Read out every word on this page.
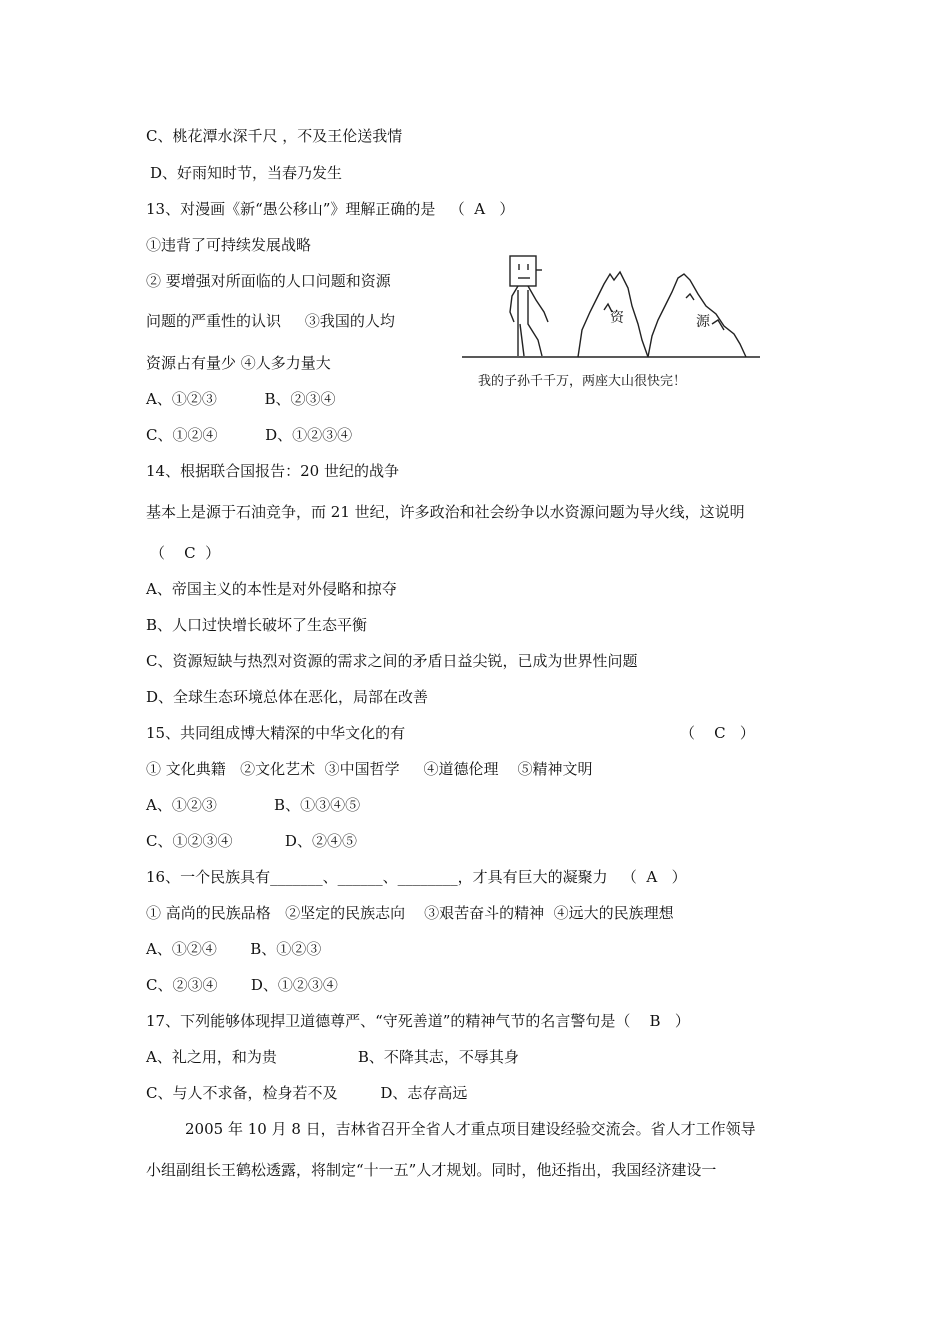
C、桃花潭水深千尺 ，不及王伦送我情
D、好雨知时节，当春乃发生
13、对漫画《新“愚公移山”》理解正确的是   （  A   ）
①违背了可持续发展战略
② 要增强对所面临的人口问题和资源
问题的严重性的认识     ③我国的人均
资源占有量少 ④人多力量大
A、①②③          B、②③④
C、①②④          D、①②③④
14、根据联合国报告：20 世纪的战争
基本上是源于石油竞争，而 21 世纪，许多政治和社会纷争以水资源问题为导火线，这说明
（    C  ）
A、帝国主义的本性是对外侵略和掠夺
B、人口过快增长破坏了生态平衡
C、资源短缺与热烈对资源的需求之间的矛盾日益尖锐，已成为世界性问题
D、全球生态环境总体在恶化，局部在改善
15、共同组成博大精深的中华文化的有	（    C   ）
① 文化典籍   ②文化艺术  ③中国哲学     ④道德伦理    ⑤精神文明
A、①②③            B、①③④⑤
C、①②③④           D、②④⑤
16、一个民族具有_______、______、________，才具有巨大的凝聚力   （  A   ）
① 高尚的民族品格   ②坚定的民族志向    ③艰苦奋斗的精神  ④远大的民族理想
A、①②④       B、①②③
C、②③④       D、①②③④
17、下列能够体现捍卫道德尊严、“守死善道”的精神气节的名言警句是（    B   ）
A、礼之用，和为贵                 B、不降其志，不辱其身
C、与人不求备，检身若不及         D、志存高远
2005 年 10 月 8 日，吉林省召开全省人才重点项目建设经验交流会。省人才工作领导
小组副组长王鹤松透露，将制定“十一五”人才规划。同时，他还指出，我国经济建设一
资	源
我的子孙千千万，两座大山很快完！
